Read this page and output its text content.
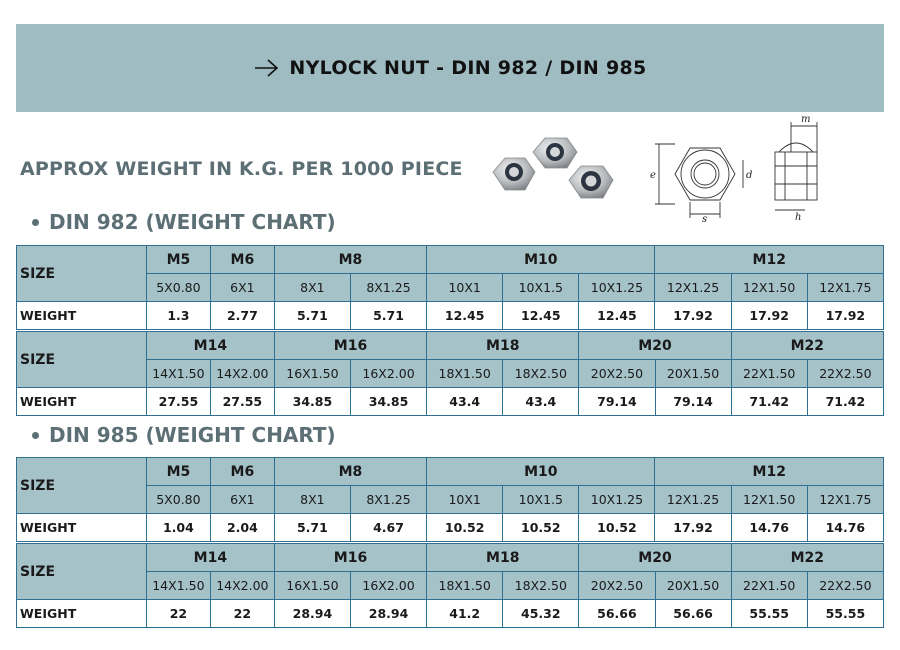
NYLOCK NUT - DIN 982 / DIN 985
APPROX WEIGHT IN K.G. PER 1000 PIECE	e	d
s
m
h
DIN 982 (WEIGHT CHART)
SIZE	M5	M6	M8		M10			M12		
	5X0.80	6X1	8X1	8X1.25	10X1	10X1.5	10X1.25	12X1.25	12X1.50	12X1.75
WEIGHT	1.3	2.77	5.71	5.71	12.45	12.45	12.45	17.92	17.92	17.92
SIZE	M14		M16		M18		M20		M22	
	14X1.50	14X2.00	16X1.50	16X2.00	18X1.50	18X2.50	20X2.50	20X1.50	22X1.50	22X2.50
WEIGHT	27.55	27.55	34.85	34.85	43.4	43.4	79.14	79.14	71.42	71.42
DIN 985 (WEIGHT CHART)
SIZE	M5	M6	M8		M10			M12		
	5X0.80	6X1	8X1	8X1.25	10X1	10X1.5	10X1.25	12X1.25	12X1.50	12X1.75
WEIGHT	1.04	2.04	5.71	4.67	10.52	10.52	10.52	17.92	14.76	14.76
SIZE	M14		M16		M18		M20		M22	
	14X1.50	14X2.00	16X1.50	16X2.00	18X1.50	18X2.50	20X2.50	20X1.50	22X1.50	22X2.50
WEIGHT	22	22	28.94	28.94	41.2	45.32	56.66	56.66	55.55	55.55
